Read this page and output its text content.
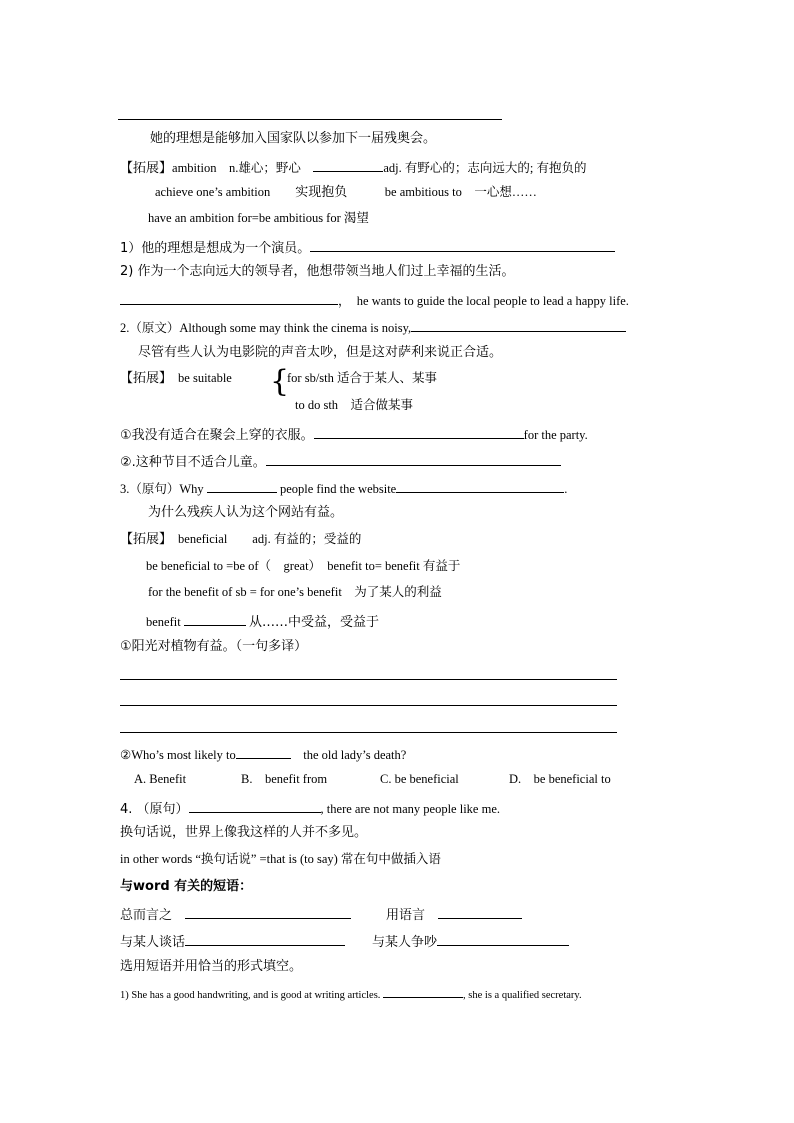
她的理想是能够加入国家队以参加下一届残奥会。
【拓展】ambition　n.雄心；野心　	adj. 有野心的；志向远大的; 有抱负的
achieve one’s ambition　　 实现抱负　　　	be ambitious to　一心想……
have an ambition for=be ambitious for 渴望
1）他的理想是想成为一个演员。
2) 作为一个志向远大的领导者，他想带领当地人们过上幸福的生活。
，　 he wants to guide the local people to lead a happy life.
2.（原文）Although some may think the cinema is noisy,
尽管有些人认为电影院的声音太吵，但是这对萨利来说正合适。
【拓展】　 be suitable {
for sb/sth 适合于某人、某事
to do sth　适合做某事
①我没有适合在聚会上穿的衣服。	for the party.
②.这种节目不适合儿童。
3.（原句）Why	people find the website	.
为什么残疾人认为这个网站有益。
【拓展】　 beneficial　　adj. 有益的；受益的
be beneficial to =be of（　great）　benefit to= benefit 有益于
for the benefit of sb = for one’s benefit　为了某人的利益
benefit	从……中受益，受益于
①阳光对植物有益。（一句多译）
②Who’s most likely to　	the old lady’s death?
A. Benefit	B.　benefit from	C. be beneficial	D.　be beneficial to
4. （原句）	, there are not many people like me.
换句话说，世界上像我这样的人并不多见。
in other words “换句话说” =that is (to say) 常在句中做插入语
与word 有关的短语：
总而言之　	用语言　
与某人谈话	与某人争吵
选用短语并用恰当的形式填空。
1) She has a good handwriting, and is good at writing articles.	, she is a qualified secretary.
